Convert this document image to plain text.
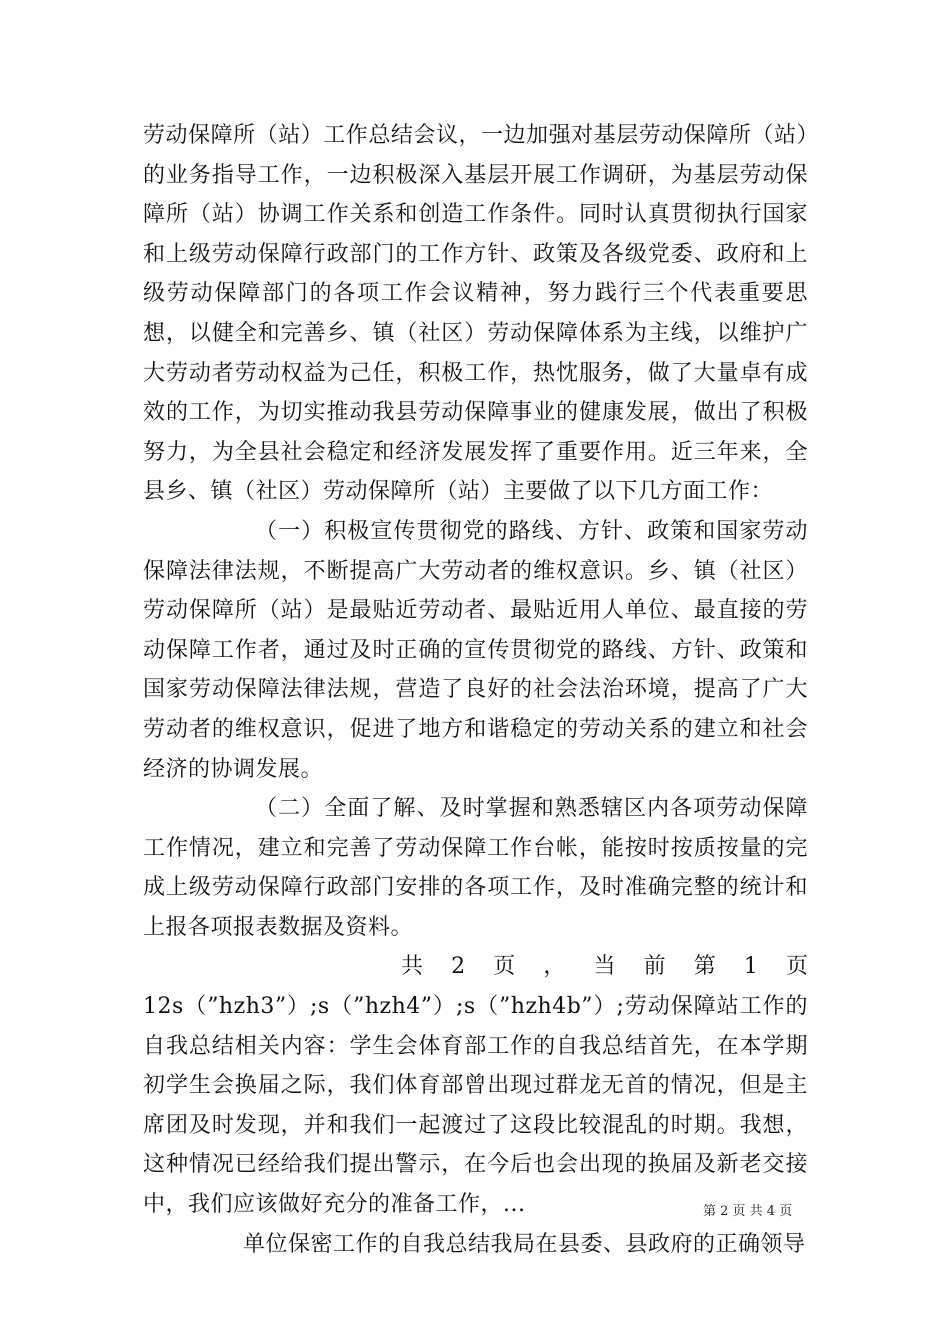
劳动保障所（站）工作总结会议，一边加强对基层劳动保障所（站）的业务指导工作，一边积极深入基层开展工作调研，为基层劳动保障所（站）协调工作关系和创造工作条件。同时认真贯彻执行国家和上级劳动保障行政部门的工作方针、政策及各级党委、政府和上级劳动保障部门的各项工作会议精神，努力践行三个代表重要思想，以健全和完善乡、镇（社区）劳动保障体系为主线，以维护广大劳动者劳动权益为己任，积极工作，热忱服务，做了大量卓有成效的工作，为切实推动我县劳动保障事业的健康发展，做出了积极努力，为全县社会稳定和经济发展发挥了重要作用。近三年来，全县乡、镇（社区）劳动保障所（站）主要做了以下几方面工作：

（一）积极宣传贯彻党的路线、方针、政策和国家劳动保障法律法规，不断提高广大劳动者的维权意识。乡、镇（社区）劳动保障所（站）是最贴近劳动者、最贴近用人单位、最直接的劳动保障工作者，通过及时正确的宣传贯彻党的路线、方针、政策和国家劳动保障法律法规，营造了良好的社会法治环境，提高了广大劳动者的维权意识，促进了地方和谐稳定的劳动关系的建立和社会经济的协调发展。

（二）全面了解、及时掌握和熟悉辖区内各项劳动保障工作情况，建立和完善了劳动保障工作台帐，能按时按质按量的完成上级劳动保障行政部门安排的各项工作，及时准确完整的统计和上报各项报表数据及资料。

共 2 页 ， 当 前 第 1 页

12s（”hzh3”）;s（”hzh4”）;s（”hzh4b”）;劳动保障站工作的自我总结相关内容：学生会体育部工作的自我总结首先，在本学期初学生会换届之际，我们体育部曾出现过群龙无首的情况，但是主席团及时发现，并和我们一起渡过了这段比较混乱的时期。我想，这种情况已经给我们提出警示，在今后也会出现的换届及新老交接中，我们应该做好充分的准备工作，...

单位保密工作的自我总结我局在县委、县政府的正确领导

第 2 页 共 4 页
